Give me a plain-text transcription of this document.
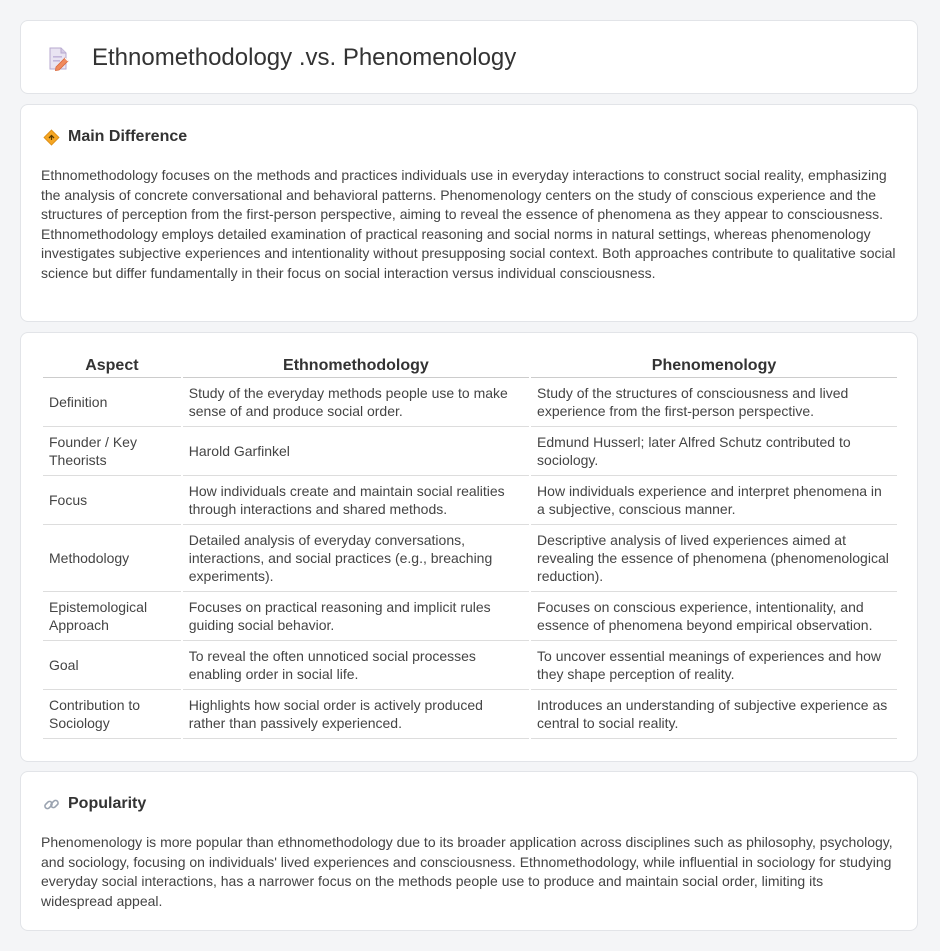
Ethnomethodology .vs. Phenomenology
Main Difference

Ethnomethodology focuses on the methods and practices individuals use in everyday interactions to construct social reality, emphasizing the analysis of concrete conversational and behavioral patterns. Phenomenology centers on the study of conscious experience and the structures of perception from the first-person perspective, aiming to reveal the essence of phenomena as they appear to consciousness. Ethnomethodology employs detailed examination of practical reasoning and social norms in natural settings, whereas phenomenology investigates subjective experiences and intentionality without presupposing social context. Both approaches contribute to qualitative social science but differ fundamentally in their focus on social interaction versus individual consciousness.

Aspect	Ethnomethodology	Phenomenology
Definition	Study of the everyday methods people use to make sense of and produce social order.	Study of the structures of consciousness and lived experience from the first-person perspective.
Founder / Key Theorists	Harold Garfinkel	Edmund Husserl; later Alfred Schutz contributed to sociology.
Focus	How individuals create and maintain social realities through interactions and shared methods.	How individuals experience and interpret phenomena in a subjective, conscious manner.
Methodology	Detailed analysis of everyday conversations, interactions, and social practices (e.g., breaching experiments).	Descriptive analysis of lived experiences aimed at revealing the essence of phenomena (phenomenological reduction).
Epistemological Approach	Focuses on practical reasoning and implicit rules guiding social behavior.	Focuses on conscious experience, intentionality, and essence of phenomena beyond empirical observation.
Goal	To reveal the often unnoticed social processes enabling order in social life.	To uncover essential meanings of experiences and how they shape perception of reality.
Contribution to Sociology	Highlights how social order is actively produced rather than passively experienced.	Introduces an understanding of subjective experience as central to social reality.
Popularity

Phenomenology is more popular than ethnomethodology due to its broader application across disciplines such as philosophy, psychology, and sociology, focusing on individuals' lived experiences and consciousness. Ethnomethodology, while influential in sociology for studying everyday social interactions, has a narrower focus on the methods people use to produce and maintain social order, limiting its widespread appeal.
